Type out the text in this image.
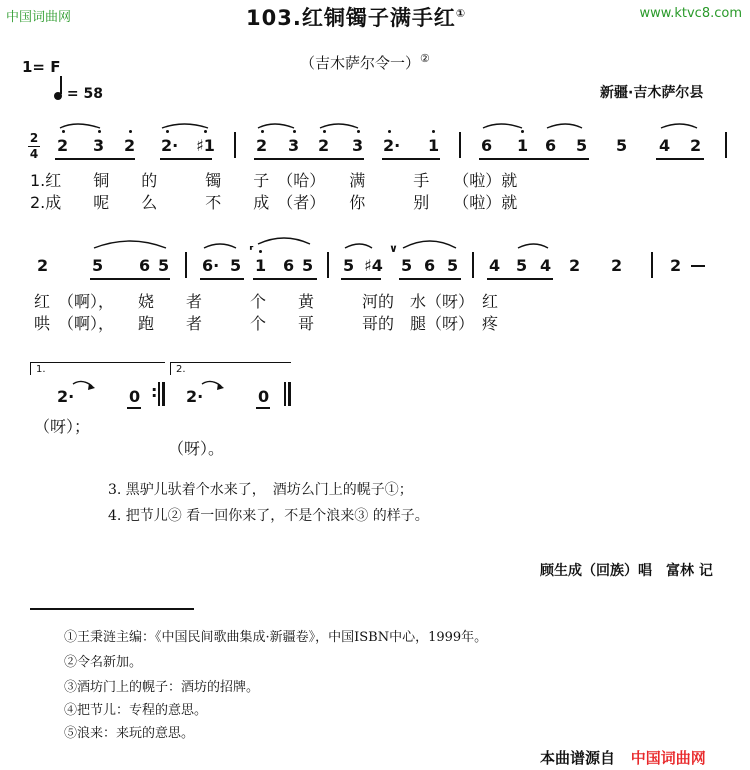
中国词曲网	www.ktvc8.com
103.红铜镯子满手红①
（吉木萨尔令一）②
1= F
= 58	新疆·吉木萨尔县
2
4 2 3 2 2· ♯1	2 3 2 3 2· 1	6 1 6 5 5 4 2
1.红　　铜　　的　　　镯　　子　（哈）　　满　　　手　　（啦）就
2.成　　呢　　么　　　不　　成　（者）　　你　　　别　　（啦）就
2	5 6 5 6· 5 1 6 5 5 ♯4 5 6 5 4 5 4 2 2	2
⸢	∨
红　（啊），　　娆　　者　　　个　　黄　　　河的　水（呀）　红
哄　（啊），　　跑　　者　　　个　　哥　　　哥的　腿（呀）　疼
1.	2.
2·	0 : 2·	0
（呀）；
（呀）。
3. 黑驴儿驮着个水来了，　酒坊么门上的幌子①；
4. 把节儿② 看一回你来了，不是个浪来③ 的样子。
顾生成（回族）唱　富林 记
①王秉涟主编：《中国民间歌曲集成·新疆卷》，中国ISBN中心，1999年。
②令名新加。
③酒坊门上的幌子：酒坊的招牌。
④把节儿：专程的意思。
⑤浪来：来玩的意思。
本曲谱源自 中国词曲网
